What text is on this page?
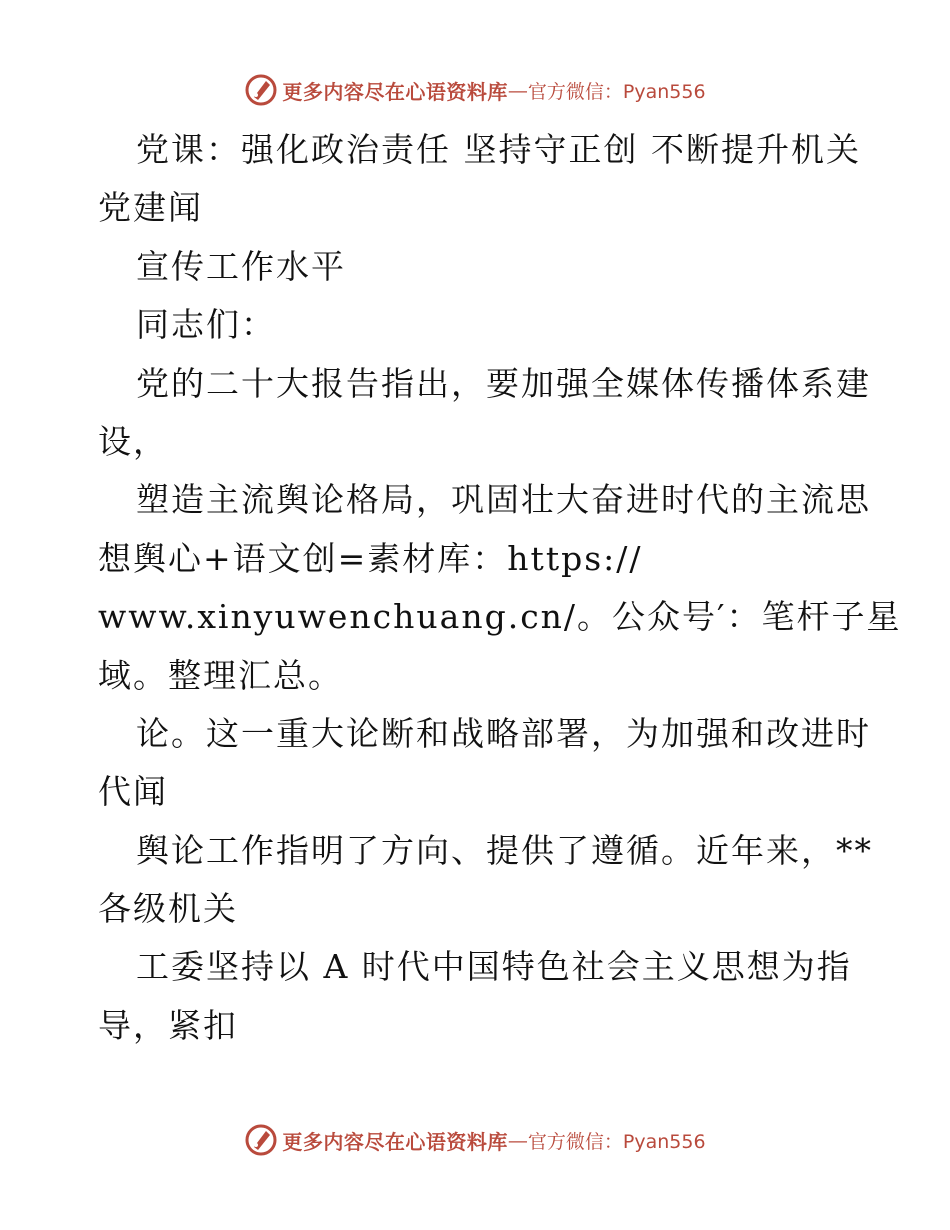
更多内容尽在心语资料库 — 官方微信：Pyan556
党课：强化政治责任 坚持守正创 不断提升机关
党建闻
宣传工作水平
同志们：
党的二十大报告指出，要加强全媒体传播体系建
设，
塑造主流舆论格局，巩固壮大奋进时代的主流思
想舆心+语文创=素材库：https://
www.xinyuwenchuang.cn/。公众号′：笔杆子星
域。整理汇总。
论。这一重大论断和战略部署，为加强和改进时
代闻
舆论工作指明了方向、提供了遵循。近年来，**
各级机关
工委坚持以 A 时代中国特色社会主义思想为指
导，紧扣
更多内容尽在心语资料库 — 官方微信：Pyan556
